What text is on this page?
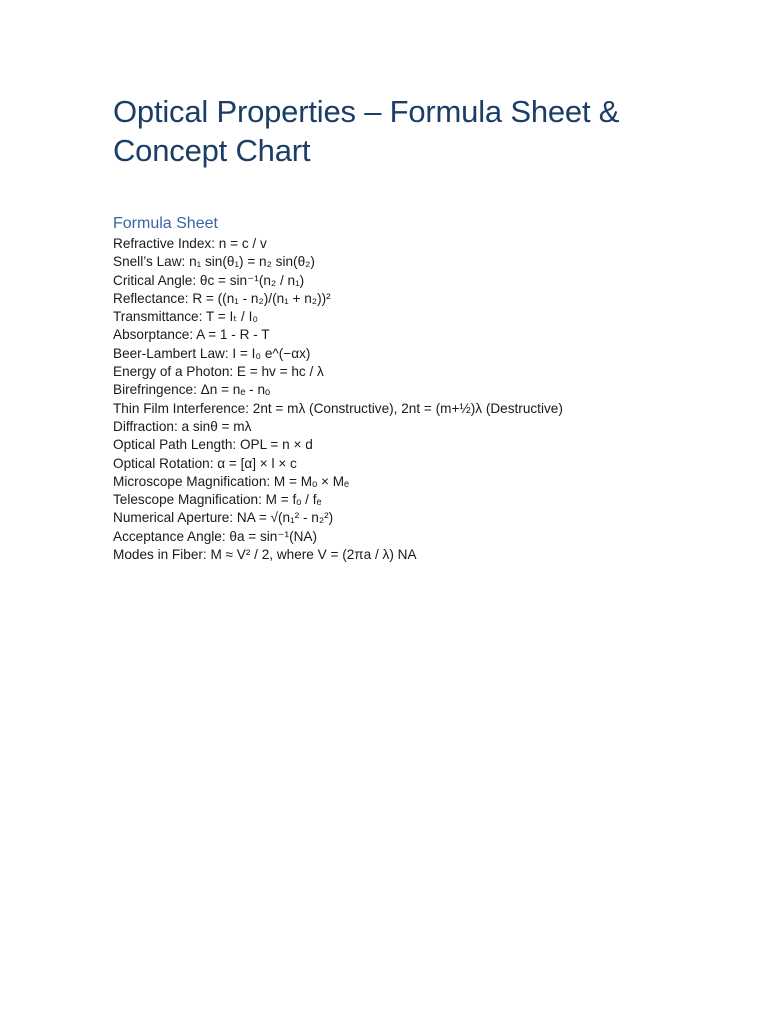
Optical Properties – Formula Sheet & Concept Chart
Formula Sheet
Refractive Index: n = c / v
Snell’s Law: n₁ sin(θ₁) = n₂ sin(θ₂)
Critical Angle: θc = sin⁻¹(n₂ / n₁)
Reflectance: R = ((n₁ - n₂)/(n₁ + n₂))²
Transmittance: T = Iₜ / I₀
Absorptance: A = 1 - R - T
Beer-Lambert Law: I = I₀ e^(−αx)
Energy of a Photon: E = hv = hc / λ
Birefringence: Δn = nₑ - nₒ
Thin Film Interference: 2nt = mλ (Constructive), 2nt = (m+½)λ (Destructive)
Diffraction: a sinθ = mλ
Optical Path Length: OPL = n × d
Optical Rotation: α = [α] × l × c
Microscope Magnification: M = Mₒ × Mₑ
Telescope Magnification: M = fₒ / fₑ
Numerical Aperture: NA = √(n₁² - n₂²)
Acceptance Angle: θa = sin⁻¹(NA)
Modes in Fiber: M ≈ V² / 2, where V = (2πa / λ) NA
